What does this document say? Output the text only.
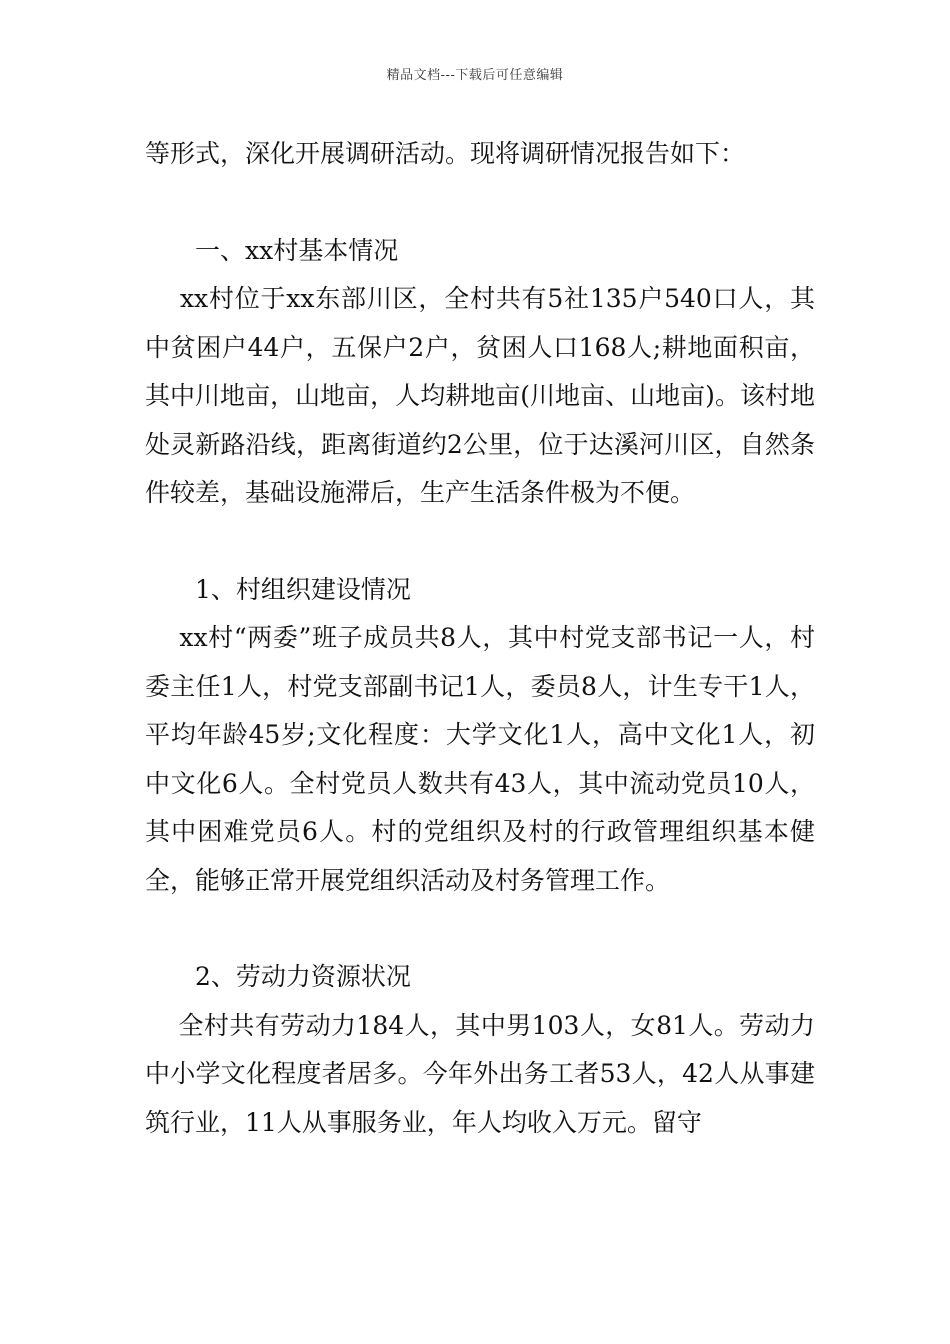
精品文档---下载后可任意编辑

等形式，深化开展调研活动。现将调研情况报告如下：

一、xx村基本情况

xx村位于xx东部川区，全村共有5社135户540口人，其中贫困户44户，五保户2户，贫困人口168人;耕地面积亩，其中川地亩，山地亩，人均耕地亩(川地亩、山地亩)。该村地处灵新路沿线，距离街道约2公里，位于达溪河川区，自然条件较差，基础设施滞后，生产生活条件极为不便。

1、村组织建设情况

xx村“两委”班子成员共8人，其中村党支部书记一人，村委主任1人，村党支部副书记1人，委员8人，计生专干1人，平均年龄45岁;文化程度：大学文化1人，高中文化1人，初中文化6人。全村党员人数共有43人，其中流动党员10人，其中困难党员6人。村的党组织及村的行政管理组织基本健全，能够正常开展党组织活动及村务管理工作。

2、劳动力资源状况

全村共有劳动力184人，其中男103人，女81人。劳动力中小学文化程度者居多。今年外出务工者53人，42人从事建筑行业，11人从事服务业，年人均收入万元。留守
